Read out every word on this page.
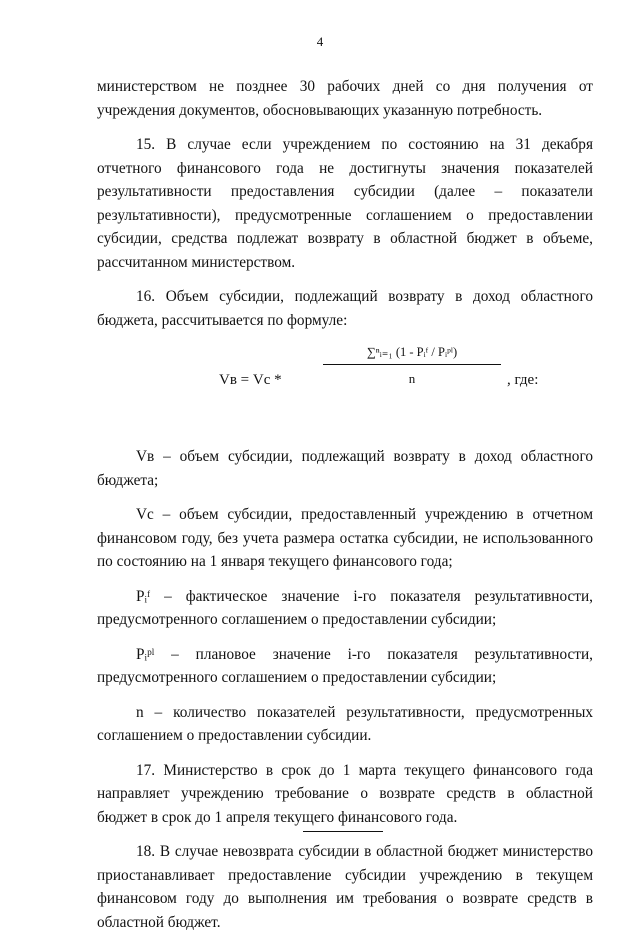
4

министерством не позднее 30 рабочих дней со дня получения от учреждения документов, обосновывающих указанную потребность.

15. В случае если учреждением по состоянию на 31 декабря отчетного финансового года не достигнуты значения показателей результативности предоставления субсидии (далее – показатели результативности), предусмотренные соглашением о предоставлении субсидии, средства подлежат возврату в областной бюджет в объеме, рассчитанном министерством.

16. Объем субсидии, подлежащий возврату в доход областного бюджета, рассчитывается по формуле:

Vв = Vс *
∑ⁿᵢ₌₁ (1 - Pᵢᶠ / Pᵢᵖˡ)
n	, где:

Vв – объем субсидии, подлежащий возврату в доход областного бюджета;

Vс – объем субсидии, предоставленный учреждению в отчетном финансовом году, без учета размера остатка субсидии, не использованного по состоянию на 1 января текущего финансового года;

Pᵢᶠ – фактическое значение i-го показателя результативности, предусмотренного соглашением о предоставлении субсидии;

Pᵢᵖˡ – плановое значение i-го показателя результативности, предусмотренного соглашением о предоставлении субсидии;

n – количество показателей результативности, предусмотренных соглашением о предоставлении субсидии.

17. Министерство в срок до 1 марта текущего финансового года направляет учреждению требование о возврате средств в областной бюджет в срок до 1 апреля текущего финансового года.

18. В случае невозврата субсидии в областной бюджет министерство приостанавливает предоставление субсидии учреждению в текущем финансовом году до выполнения им требования о возврате средств в областной бюджет.
